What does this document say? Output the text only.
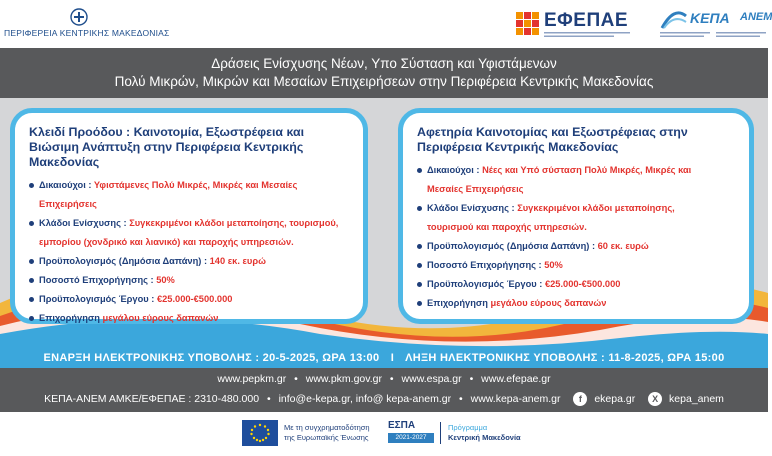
ΠΕΡΙΦΕΡΕΙΑ ΚΕΝΤΡΙΚΗΣ ΜΑΚΕΔΟΝΙΑΣ
ΕΦΕΠΑΕ	ΚΕΠΑ ΑΝΕΜ
Δράσεις Ενίσχυσης Νέων, Υπο Σύσταση και Υφιστάμενων
Πολύ Μικρών, Μικρών και Μεσαίων Επιχειρήσεων στην Περιφέρεια Κεντρικής Μακεδονίας
Κλειδί Προόδου : Καινοτομία, Εξωστρέφεια και Βιώσιμη Ανάπτυξη στην Περιφέρεια Κεντρικής Μακεδονίας
Δικαιούχοι : Υφιστάμενες Πολύ Μικρές, Μικρές και Μεσαίες Επιχειρήσεις
Κλάδοι Ενίσχυσης : Συγκεκριμένοι κλάδοι μεταποίησης, τουρισμού,
εμπορίου (χονδρικό και λιανικό) και παροχής υπηρεσιών.
Προϋπολογισμός (Δημόσια Δαπάνη) : 140 εκ. ευρώ
Ποσοστό Επιχορήγησης : 50%
Προϋπολογισμός Έργου : €25.000-€500.000
Επιχορήγηση μεγάλου εύρους δαπανών
Αφετηρία Καινοτομίας και Εξωστρέφειας στην Περιφέρεια Κεντρικής Μακεδονίας
Δικαιούχοι : Νέες και Υπό σύσταση Πολύ Μικρές, Μικρές και
Μεσαίες Επιχειρήσεις
Κλάδοι Ενίσχυσης : Συγκεκριμένοι κλάδοι μεταποίησης,
τουρισμού και παροχής υπηρεσιών.
Προϋπολογισμός (Δημόσια Δαπάνη) : 60 εκ. ευρώ
Ποσοστό Επιχορήγησης : 50%
Προϋπολογισμός Έργου : €25.000-€500.000
Επιχορήγηση μεγάλου εύρους δαπανών
ΕΝΑΡΞΗ ΗΛΕΚΤΡΟΝΙΚΗΣ ΥΠΟΒΟΛΗΣ : 20-5-2025, ΩΡΑ 13:00 I ΛΗΞΗ ΗΛΕΚΤΡΟΝΙΚΗΣ ΥΠΟΒΟΛΗΣ : 11-8-2025, ΩΡΑ 15:00
www.pepkm.gr • www.pkm.gov.gr • www.espa.gr • www.efepae.gr
ΚΕΠΑ-ΑΝΕΜ ΑΜΚΕ/ΕΦΕΠΑΕ : 2310-480.000 • info@e-kepa.gr, info@ kepa-anem.gr • www.kepa-anem.gr f ekepa.gr X kepa_anem
Με τη συγχρηματοδότηση
της Ευρωπαϊκής Ένωσης
ΕΣΠΑ
2021-2027
Πρόγραμμα
Κεντρική Μακεδονία
